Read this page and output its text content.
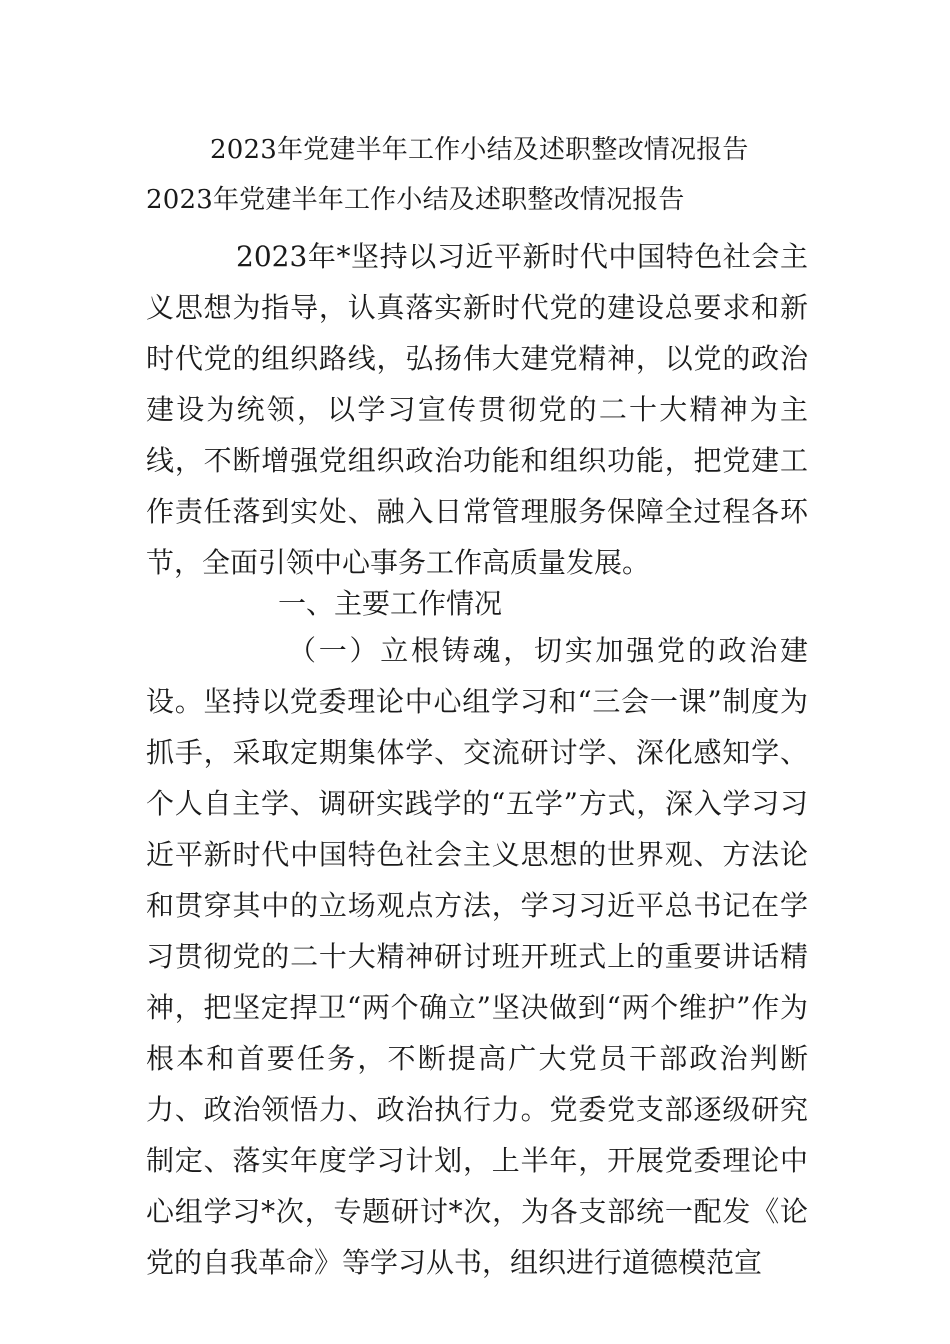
2023年党建半年工作小结及述职整改情况报告
2023年党建半年工作小结及述职整改情况报告

2023年*坚持以习近平新时代中国特色社会主义思想为指导，认真落实新时代党的建设总要求和新时代党的组织路线，弘扬伟大建党精神，以党的政治建设为统领，以学习宣传贯彻党的二十大精神为主线，不断增强党组织政治功能和组织功能，把党建工作责任落到实处、融入日常管理服务保障全过程各环节，全面引领中心事务工作高质量发展。

一、主要工作情况

（一）立根铸魂，切实加强党的政治建设。坚持以党委理论中心组学习和“三会一课”制度为抓手，采取定期集体学、交流研讨学、深化感知学、个人自主学、调研实践学的“五学”方式，深入学习习近平新时代中国特色社会主义思想的世界观、方法论和贯穿其中的立场观点方法，学习习近平总书记在学习贯彻党的二十大精神研讨班开班式上的重要讲话精神，把坚定捍卫“两个确立”坚决做到“两个维护”作为根本和首要任务，不断提高广大党员干部政治判断力、政治领悟力、政治执行力。党委党支部逐级研究制定、落实年度学习计划，上半年，开展党委理论中心组学习*次，专题研讨*次，为各支部统一配发《论党的自我革命》等学习从书，组织进行道德模范宣
